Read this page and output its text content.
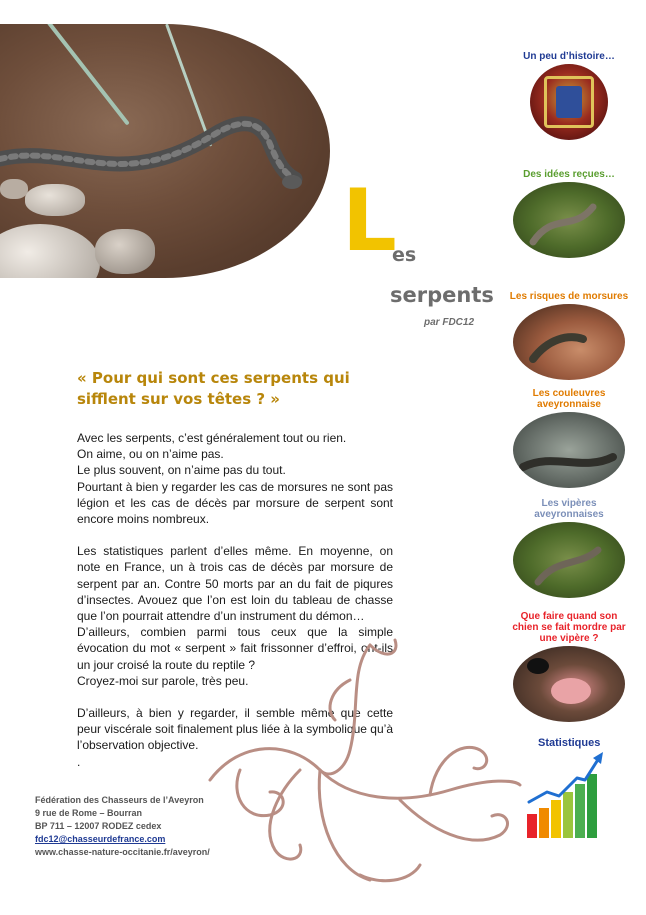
L
es
serpents
par FDC12
« Pour qui sont ces serpents qui sifflent sur vos têtes ? »

Avec les serpents, c’est généralement tout ou rien.
On aime, ou on n’aime pas.
Le plus souvent, on n’aime pas du tout.
Pourtant à bien y regarder les cas de morsures ne sont pas légion et les cas de décès par morsure de serpent sont encore moins nombreux.

Les statistiques parlent d’elles même. En moyenne, on note en France, un à trois cas de décès par morsure de serpent par an. Contre 50 morts par an du fait de piqures d’insectes. Avouez que l’on est loin du tableau de chasse que l’on pourrait attendre d’un instrument du démon…
D’ailleurs, combien parmi tous ceux que la simple évocation du mot « serpent » fait frissonner d’effroi, ont-ils un jour croisé la route du reptile ?
Croyez-moi sur parole, très peu.

D’ailleurs, à bien y regarder, il semble même que cette peur viscérale soit finalement plus liée à la symbolique qu’à l’observation objective.
.

Un peu d’histoire…
Des idées reçues…
Les risques de morsures
Les couleuvres aveyronnaise
Les vipères aveyronnaises
Que faire quand son chien se fait mordre par une vipère ?
Statistiques
Fédération des Chasseurs de l’Aveyron
9 rue de Rome – Bourran
BP 711 – 12007 RODEZ cedex
fdc12@chasseurdefrance.com
www.chasse-nature-occitanie.fr/aveyron/
